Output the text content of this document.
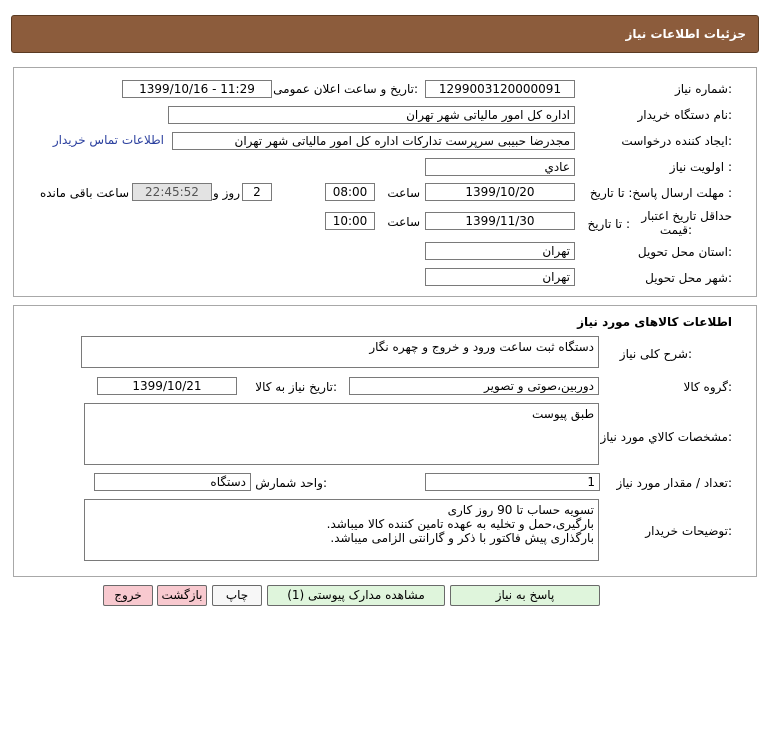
جزئیات اطلاعات نیاز
شماره نیاز:
1299003120000091
تاریخ و ساعت اعلان عمومی:
1399/10/16 - 11:29
نام دستگاه خریدار:
اداره کل امور مالیاتی شهر تهران
ایجاد کننده درخواست:
مجدرضا حبیبی سرپرست تدارکات اداره کل امور مالیاتی شهر تهران
اطلاعات تماس خریدار
اولویت نیاز :
عادي
مهلت ارسال پاسخ: تا تاریخ :
1399/10/20
ساعت
08:00
2
روز و
22:45:52
ساعت باقی مانده
حداقل تاریخ اعتبار
قیمت:
تا تاریخ :
1399/11/30
ساعت
10:00
استان محل تحویل:
تهران
شهر محل تحویل:
تهران
اطلاعات کالاهای مورد نیاز
شرح کلی نیاز:
دستگاه ثبت ساعت ورود و خروج و چهره نگار
گروه کالا:
دوربین،صوتی و تصویر
تاریخ نیاز به کالا:
1399/10/21
مشخصات کالاي مورد نیاز:
طبق پیوست
تعداد / مقدار مورد نیاز:
1
واحد شمارش:
دستگاه
توضیحات خریدار:
تسویه حساب تا 90 روز کاری
بارگیری،حمل و تخلیه به عهده تامین کننده کالا میباشد.
بارگذاری پیش فاکتور با ذکر و گارانتی الزامی میباشد.
پاسخ به نیاز
مشاهده مدارک پیوستی (1)
چاپ
بازگشت
خروج
